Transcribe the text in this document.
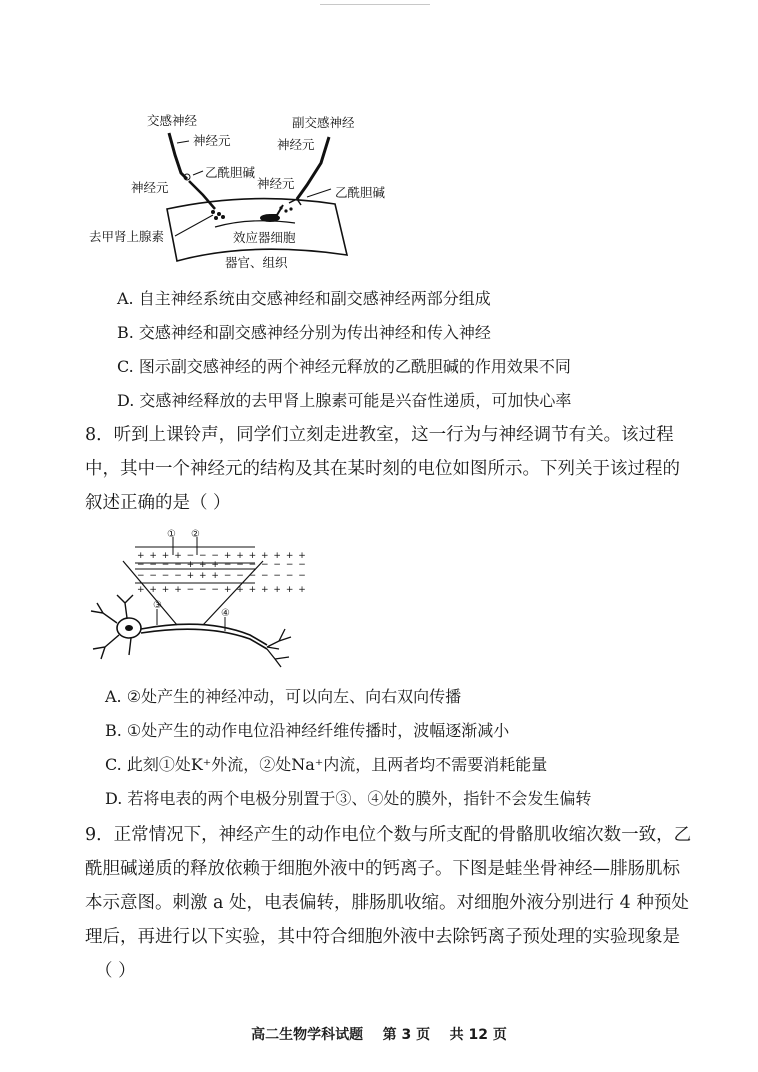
交感神经
神经元
乙酰胆碱
神经元
副交感神经
神经元
神经元
乙酰胆碱
去甲肾上腺素	效应器细胞
器官、组织
A. 自主神经系统由交感神经和副交感神经两部分组成
B. 交感神经和副交感神经分别为传出神经和传入神经
C. 图示副交感神经的两个神经元释放的乙酰胆碱的作用效果不同
D. 交感神经释放的去甲肾上腺素可能是兴奋性递质，可加快心率
8．听到上课铃声，同学们立刻走进教室，这一行为与神经调节有关。该过程
中，其中一个神经元的结构及其在某时刻的电位如图所示。下列关于该过程的
叙述正确的是（ ）
+ + + + − − − + + + + + + +
− − − − + + + − − − − − − −
− − − − + + + − − − − − − −
+ + + + − − − + + + + + + +
① ②
③
④
A. ②处产生的神经冲动，可以向左、向右双向传播
B. ①处产生的动作电位沿神经纤维传播时，波幅逐渐减小
C. 此刻①处K⁺外流，②处Na⁺内流，且两者均不需要消耗能量
D. 若将电表的两个电极分别置于③、④处的膜外，指针不会发生偏转
9．正常情况下，神经产生的动作电位个数与所支配的骨骼肌收缩次数一致，乙
酰胆碱递质的释放依赖于细胞外液中的钙离子。下图是蛙坐骨神经—腓肠肌标
本示意图。刺激 a 处，电表偏转，腓肠肌收缩。对细胞外液分别进行 4 种预处
理后，再进行以下实验，其中符合细胞外液中去除钙离子预处理的实验现象是
（ ）
高二生物学科试题    第 3 页    共 12 页
